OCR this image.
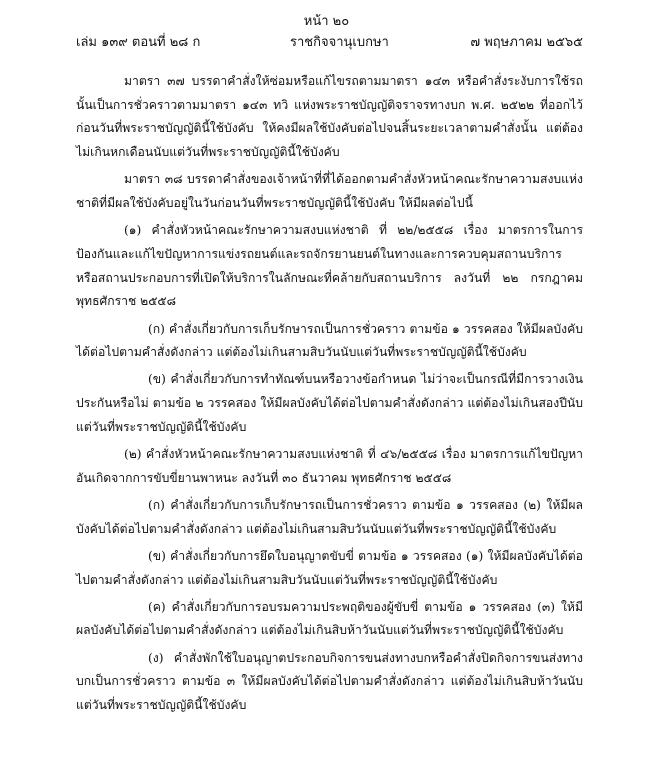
หน้า ๒๐
เล่ม ๑๓๙ ตอนที่ ๒๘ ก	ราชกิจจานุเบกษา	๗ พฤษภาคม ๒๕๖๕

มาตรา ๓๗ บรรดาคำสั่งให้ซ่อมหรือแก้ไขรถตามมาตรา ๑๔๓ หรือคำสั่งระงับการใช้รถนั้นเป็นการชั่วคราวตามมาตรา ๑๔๓ ทวิ แห่งพระราชบัญญัติจราจรทางบก พ.ศ. ๒๕๒๒ ที่ออกไว้ก่อนวันที่พระราชบัญญัตินี้ใช้บังคับ ให้คงมีผลใช้บังคับต่อไปจนสิ้นระยะเวลาตามคำสั่งนั้น แต่ต้องไม่เกินหกเดือนนับแต่วันที่พระราชบัญญัตินี้ใช้บังคับ

มาตรา ๓๘ บรรดาคำสั่งของเจ้าหน้าที่ที่ได้ออกตามคำสั่งหัวหน้าคณะรักษาความสงบแห่งชาติที่มีผลใช้บังคับอยู่ในวันก่อนวันที่พระราชบัญญัตินี้ใช้บังคับ ให้มีผลต่อไปนี้

(๑) คำสั่งหัวหน้าคณะรักษาความสงบแห่งชาติ ที่ ๒๒/๒๕๕๘ เรื่อง มาตรการในการป้องกันและแก้ไขปัญหาการแข่งรถยนต์และรถจักรยานยนต์ในทางและการควบคุมสถานบริการหรือสถานประกอบการที่เปิดให้บริการในลักษณะที่คล้ายกับสถานบริการ ลงวันที่ ๒๒ กรกฎาคม พุทธศักราช ๒๕๕๘

(ก) คำสั่งเกี่ยวกับการเก็บรักษารถเป็นการชั่วคราว ตามข้อ ๑ วรรคสอง ให้มีผลบังคับได้ต่อไปตามคำสั่งดังกล่าว แต่ต้องไม่เกินสามสิบวันนับแต่วันที่พระราชบัญญัตินี้ใช้บังคับ

(ข) คำสั่งเกี่ยวกับการทำทัณฑ์บนหรือวางข้อกำหนด ไม่ว่าจะเป็นกรณีที่มีการวางเงินประกันหรือไม่ ตามข้อ ๒ วรรคสอง ให้มีผลบังคับได้ต่อไปตามคำสั่งดังกล่าว แต่ต้องไม่เกินสองปีนับแต่วันที่พระราชบัญญัตินี้ใช้บังคับ

(๒) คำสั่งหัวหน้าคณะรักษาความสงบแห่งชาติ ที่ ๔๖/๒๕๕๘ เรื่อง มาตรการแก้ไขปัญหาอันเกิดจากการขับขี่ยานพาหนะ ลงวันที่ ๓๐ ธันวาคม พุทธศักราช ๒๕๕๘

(ก) คำสั่งเกี่ยวกับการเก็บรักษารถเป็นการชั่วคราว ตามข้อ ๑ วรรคสอง (๒) ให้มีผลบังคับได้ต่อไปตามคำสั่งดังกล่าว แต่ต้องไม่เกินสามสิบวันนับแต่วันที่พระราชบัญญัตินี้ใช้บังคับ

(ข) คำสั่งเกี่ยวกับการยึดใบอนุญาตขับขี่ ตามข้อ ๑ วรรคสอง (๑) ให้มีผลบังคับได้ต่อไปตามคำสั่งดังกล่าว แต่ต้องไม่เกินสามสิบวันนับแต่วันที่พระราชบัญญัตินี้ใช้บังคับ

(ค) คำสั่งเกี่ยวกับการอบรมความประพฤติของผู้ขับขี่ ตามข้อ ๑ วรรคสอง (๓) ให้มีผลบังคับได้ต่อไปตามคำสั่งดังกล่าว แต่ต้องไม่เกินสิบห้าวันนับแต่วันที่พระราชบัญญัตินี้ใช้บังคับ

(ง) คำสั่งพักใช้ใบอนุญาตประกอบกิจการขนส่งทางบกหรือคำสั่งปิดกิจการขนส่งทางบกเป็นการชั่วคราว ตามข้อ ๓ ให้มีผลบังคับได้ต่อไปตามคำสั่งดังกล่าว แต่ต้องไม่เกินสิบห้าวันนับแต่วันที่พระราชบัญญัตินี้ใช้บังคับ
